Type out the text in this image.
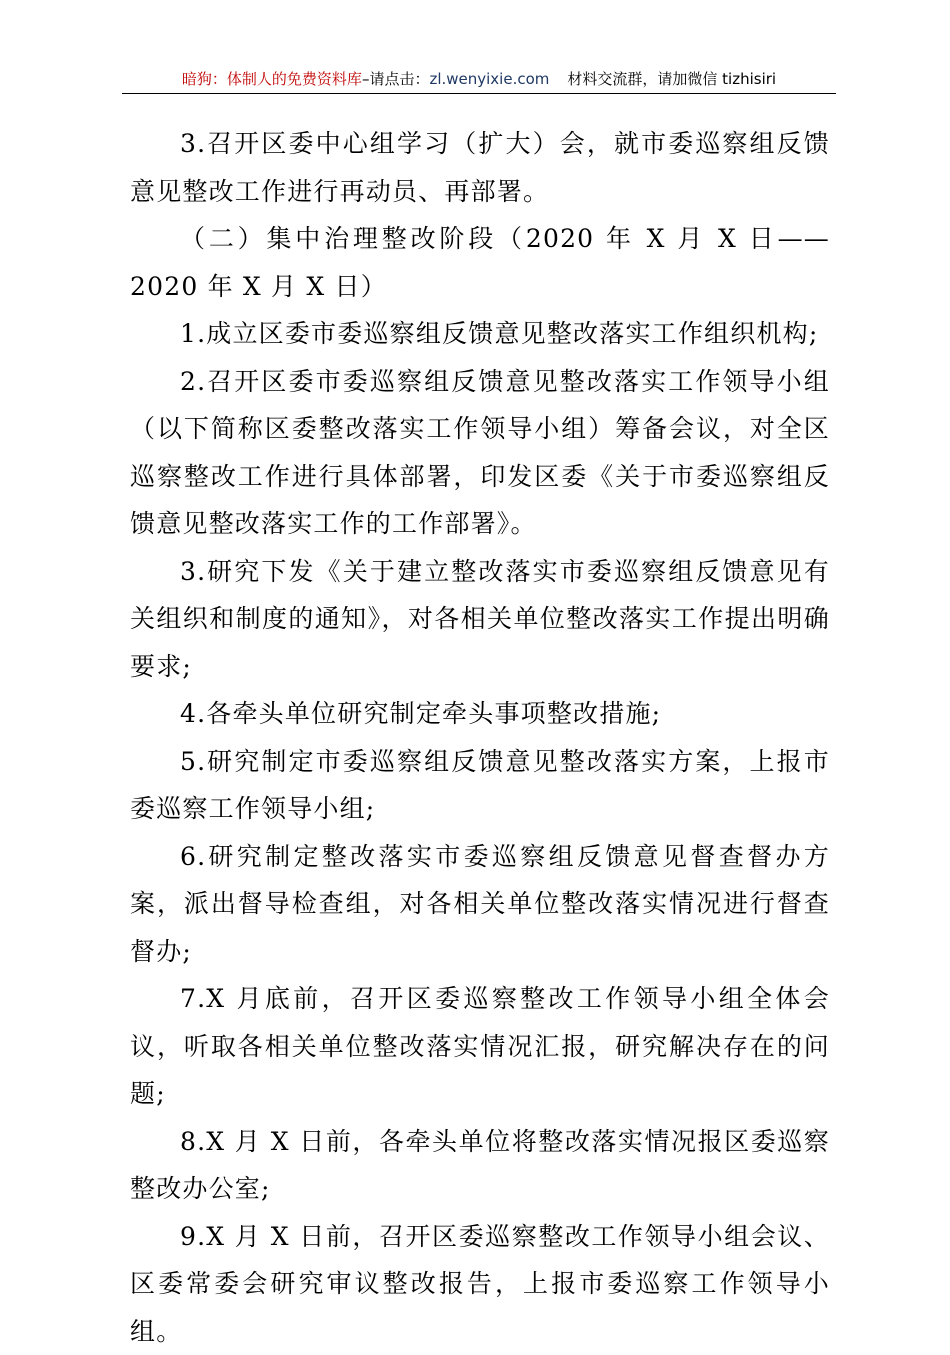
暗狗：体制人的免费资料库–请点击：zl.wenyixie.com 材料交流群，请加微信 tizhisiri

3.召开区委中心组学习（扩大）会，就市委巡察组反馈意见整改工作进行再动员、再部署。

（二）集中治理整改阶段（2020 年 X 月 X 日——2020 年 X 月 X 日）

1.成立区委市委巡察组反馈意见整改落实工作组织机构;

2.召开区委市委巡察组反馈意见整改落实工作领导小组（以下简称区委整改落实工作领导小组）筹备会议，对全区巡察整改工作进行具体部署，印发区委《关于市委巡察组反馈意见整改落实工作的工作部署》。

3.研究下发《关于建立整改落实市委巡察组反馈意见有关组织和制度的通知》，对各相关单位整改落实工作提出明确要求;

4.各牵头单位研究制定牵头事项整改措施;

5.研究制定市委巡察组反馈意见整改落实方案，上报市委巡察工作领导小组;

6.研究制定整改落实市委巡察组反馈意见督查督办方案，派出督导检查组，对各相关单位整改落实情况进行督查督办;

7.X 月底前，召开区委巡察整改工作领导小组全体会议，听取各相关单位整改落实情况汇报，研究解决存在的问题;

8.X 月 X 日前，各牵头单位将整改落实情况报区委巡察整改办公室;

9.X 月 X 日前，召开区委巡察整改工作领导小组会议、区委常委会研究审议整改报告，上报市委巡察工作领导小组。
